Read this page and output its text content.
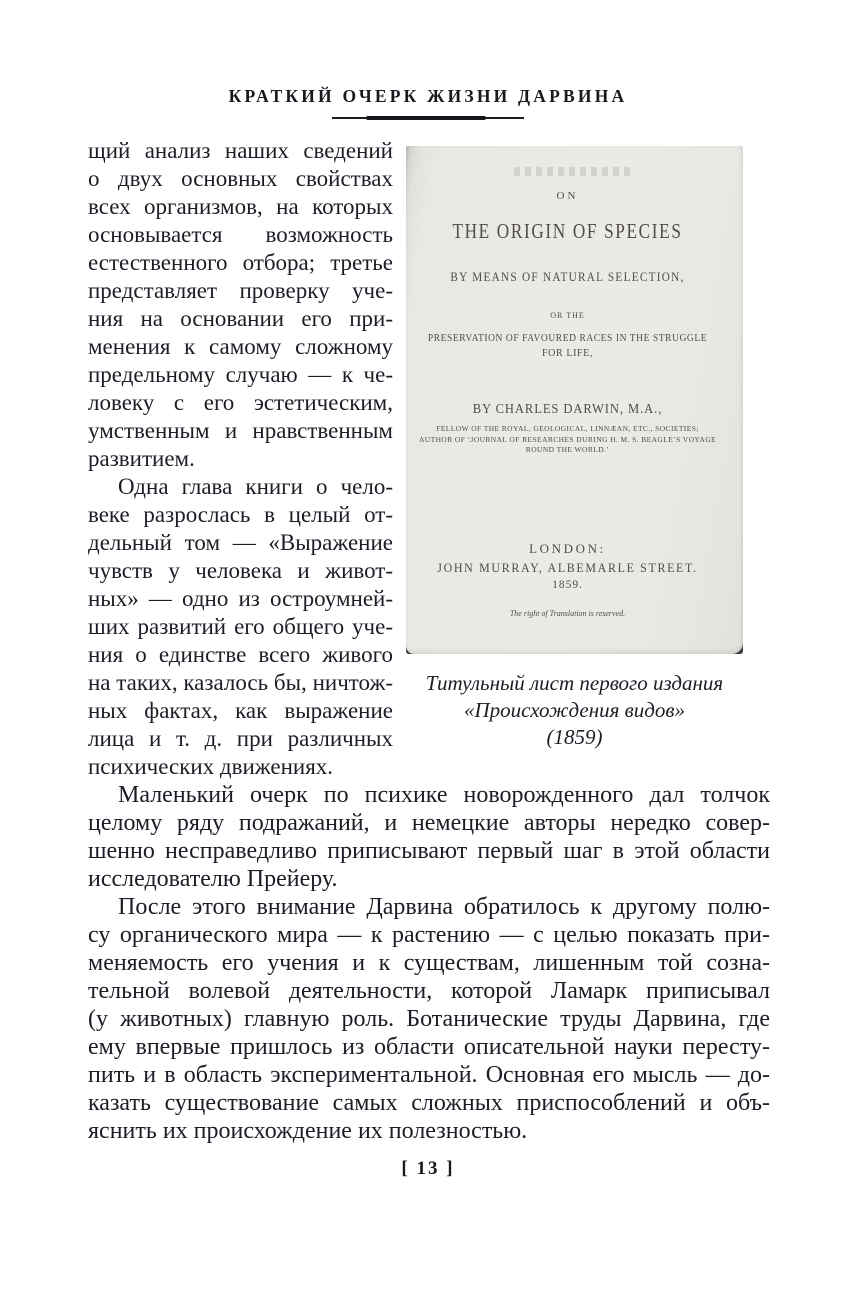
КРАТКИЙ ОЧЕРК ЖИЗНИ ДАРВИНА
щий анализ наших сведений
о двух основных свойствах
всех организмов, на которых
основывается возможность
естественного отбора; третье
представляет проверку уче-
ния на основании его при-
менения к самому сложному
предельному случаю — к че-
ловеку с его эстетическим,
умственным и нравственным
развитием.
Одна глава книги о чело-
веке разрослась в целый от-
дельный том — «Выражение
чувств у человека и живот-
ных» — одно из остроумней-
ших развитий его общего уче-
ния о единстве всего живого
на таких, казалось бы, ничтож-
ных фактах, как выражение
лица и т. д. при различных
психических движениях.
ON
THE ORIGIN OF SPECIES
BY MEANS OF NATURAL SELECTION,
OR THE
PRESERVATION OF FAVOURED RACES IN THE STRUGGLE
FOR LIFE,
BY CHARLES DARWIN, M.A.,
FELLOW OF THE ROYAL, GEOLOGICAL, LINNÆAN, ETC., SOCIETIES;
AUTHOR OF ‘JOURNAL OF RESEARCHES DURING H. M. S. BEAGLE’S VOYAGE
ROUND THE WORLD.’
LONDON:
JOHN MURRAY, ALBEMARLE STREET.
1859.
The right of Translation is reserved.
Титульный лист первого издания
«Происхождения видов»
(1859)
Маленький очерк по психике новорожденного дал толчок
целому ряду подражаний, и немецкие авторы нередко совер-
шенно несправедливо приписывают первый шаг в этой области
исследователю Прейеру.
После этого внимание Дарвина обратилось к другому полю-
су органического мира — к растению — с целью показать при-
меняемость его учения и к существам, лишенным той созна-
тельной волевой деятельности, которой Ламарк приписывал
(у животных) главную роль. Ботанические труды Дарвина, где
ему впервые пришлось из области описательной науки пересту-
пить и в область экспериментальной. Основная его мысль — до-
казать существование самых сложных приспособлений и объ-
яснить их происхождение их полезностью.
[ 13 ]
